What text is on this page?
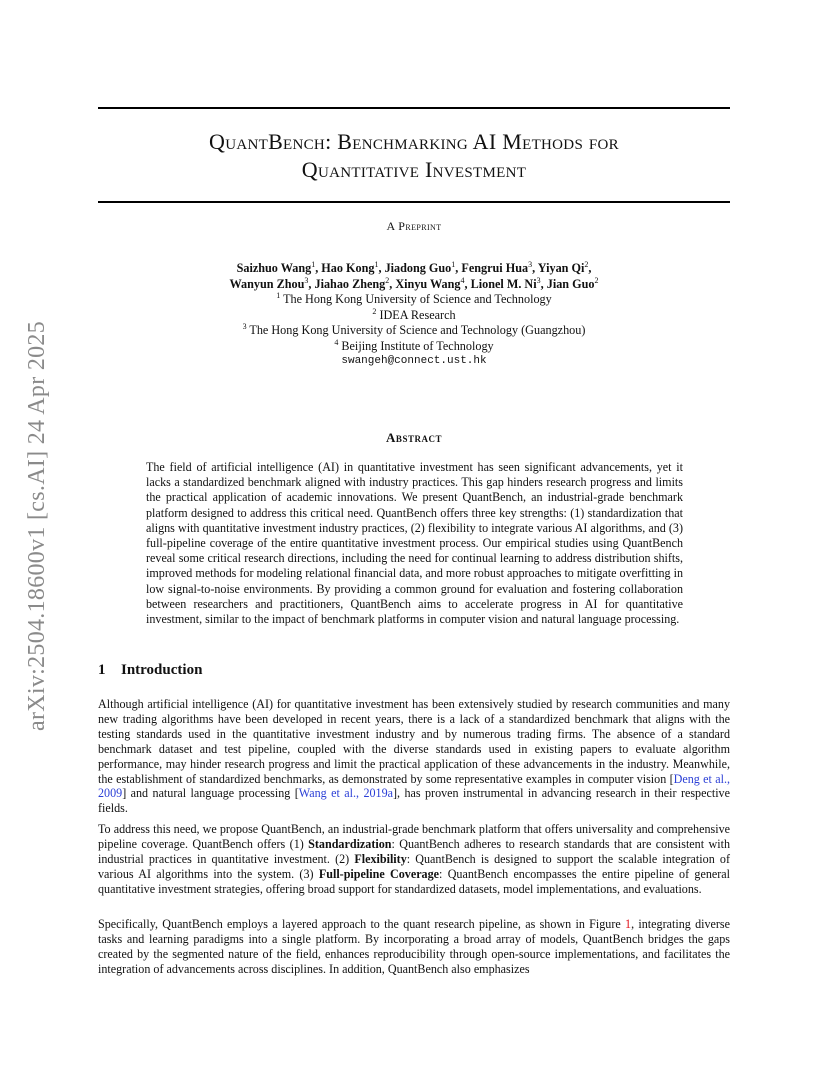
arXiv:2504.18600v1 [cs.AI] 24 Apr 2025
QuantBench: Benchmarking AI Methods for
Quantitative Investment
A Preprint
Saizhuo Wang$^1$, Hao Kong$^1$, Jiadong Guo$^1$, Fengrui Hua$^3$, Yiyan Qi$^2$,
Wanyun Zhou$^3$, Jiahao Zheng$^2$, Xinyu Wang$^4$, Lionel M. Ni$^3$, Jian Guo$^2$
$^1$ The Hong Kong University of Science and Technology
$^2$ IDEA Research
$^3$ The Hong Kong University of Science and Technology (Guangzhou)
$^4$ Beijing Institute of Technology
swangeh@connect.ust.hk
Abstract
The field of artificial intelligence (AI) in quantitative investment has seen significant advancements, yet it lacks a standardized benchmark aligned with industry practices. This gap hinders research progress and limits the practical application of academic innovations. We present QuantBench, an industrial-grade benchmark platform designed to address this critical need. QuantBench offers three key strengths: (1) standardization that aligns with quantitative investment industry practices, (2) flexibility to integrate various AI algorithms, and (3) full-pipeline coverage of the entire quantitative investment process. Our empirical studies using QuantBench reveal some critical research directions, including the need for continual learning to address distribution shifts, improved methods for modeling relational financial data, and more robust approaches to mitigate overfitting in low signal-to-noise environments. By providing a common ground for evaluation and fostering collaboration between researchers and practitioners, QuantBench aims to accelerate progress in AI for quantitative investment, similar to the impact of benchmark platforms in computer vision and natural language processing.
1 Introduction
Although artificial intelligence (AI) for quantitative investment has been extensively studied by research communities and many new trading algorithms have been developed in recent years, there is a lack of a standardized benchmark that aligns with the testing standards used in the quantitative investment industry and by numerous trading firms. The absence of a standard benchmark dataset and test pipeline, coupled with the diverse standards used in existing papers to evaluate algorithm performance, may hinder research progress and limit the practical application of these advancements in the industry. Meanwhile, the establishment of standardized benchmarks, as demonstrated by some representative examples in computer vision [Deng et al., 2009] and natural language processing [Wang et al., 2019a], has proven instrumental in advancing research in their respective fields.
To address this need, we propose QuantBench, an industrial-grade benchmark platform that offers universality and comprehensive pipeline coverage. QuantBench offers (1) Standardization: QuantBench adheres to research standards that are consistent with industrial practices in quantitative investment. (2) Flexibility: QuantBench is designed to support the scalable integration of various AI algorithms into the system. (3) Full-pipeline Coverage: QuantBench encompasses the entire pipeline of general quantitative investment strategies, offering broad support for standardized datasets, model implementations, and evaluations.
Specifically, QuantBench employs a layered approach to the quant research pipeline, as shown in Figure 1, integrating diverse tasks and learning paradigms into a single platform. By incorporating a broad array of models, QuantBench bridges the gaps created by the segmented nature of the field, enhances reproducibility through open-source implementations, and facilitates the integration of advancements across disciplines. In addition, QuantBench also emphasizes
